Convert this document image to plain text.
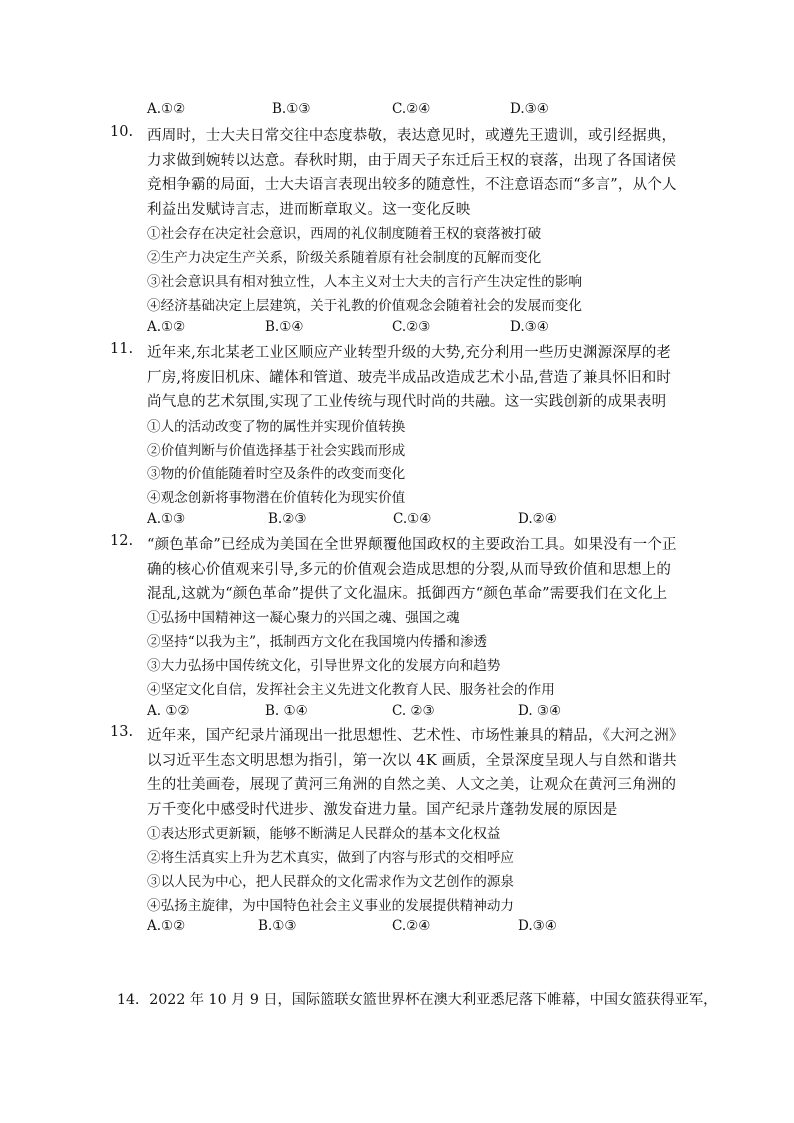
A.①②	B.①③	C.②④	D.③④
10. 西周时，士大夫日常交往中态度恭敬，表达意见时，或遵先王遗训，或引经据典，力求做到婉转以达意。春秋时期，由于周天子东迁后王权的衰落，出现了各国诸侯竞相争霸的局面，士大夫语言表现出较多的随意性，不注意语态而“多言”，从个人利益出发赋诗言志，进而断章取义。这一变化反映
①社会存在决定社会意识，西周的礼仪制度随着王权的衰落被打破
②生产力决定生产关系，阶级关系随着原有社会制度的瓦解而变化
③社会意识具有相对独立性，人本主义对士大夫的言行产生决定性的影响
④经济基础决定上层建筑，关于礼教的价值观念会随着社会的发展而变化
A.①②	B.①④	C.②③	D.③④
11. 近年来,东北某老工业区顺应产业转型升级的大势,充分利用一些历史渊源深厚的老厂房,将废旧机床、罐体和管道、玻壳半成品改造成艺术小品,营造了兼具怀旧和时尚气息的艺术氛围,实现了工业传统与现代时尚的共融。这一实践创新的成果表明
①人的活动改变了物的属性并实现价值转换
②价值判断与价值选择基于社会实践而形成
③物的价值能随着时空及条件的改变而变化
④观念创新将事物潜在价值转化为现实价值
A.①③	B.②③	C.①④	D.②④
12. “颜色革命”已经成为美国在全世界颠覆他国政权的主要政治工具。如果没有一个正确的核心价值观来引导,多元的价值观会造成思想的分裂,从而导致价值和思想上的混乱,这就为“颜色革命”提供了文化温床。抵御西方“颜色革命”需要我们在文化上
①弘扬中国精神这一凝心聚力的兴国之魂、强国之魂
②坚持“以我为主”，抵制西方文化在我国境内传播和渗透
③大力弘扬中国传统文化，引导世界文化的发展方向和趋势
④坚定文化自信，发挥社会主义先进文化教育人民、服务社会的作用
A. ①②	B. ①④	C. ②③	D. ③④
13. 近年来，国产纪录片涌现出一批思想性、艺术性、市场性兼具的精品，《大河之洲》以习近平生态文明思想为指引，第一次以 4K 画质，全景深度呈现人与自然和谐共生的壮美画卷，展现了黄河三角洲的自然之美、人文之美，让观众在黄河三角洲的万千变化中感受时代进步、激发奋进力量。国产纪录片蓬勃发展的原因是
①表达形式更新颖，能够不断满足人民群众的基本文化权益
②将生活真实上升为艺术真实，做到了内容与形式的交相呼应
③以人民为中心，把人民群众的文化需求作为文艺创作的源泉
④弘扬主旋律，为中国特色社会主义事业的发展提供精神动力
A.①②	B.①③	C.②④	D.③④
14．2022 年 10 月 9 日，国际篮联女篮世界杯在澳大利亚悉尼落下帷幕，中国女篮获得亚军，
